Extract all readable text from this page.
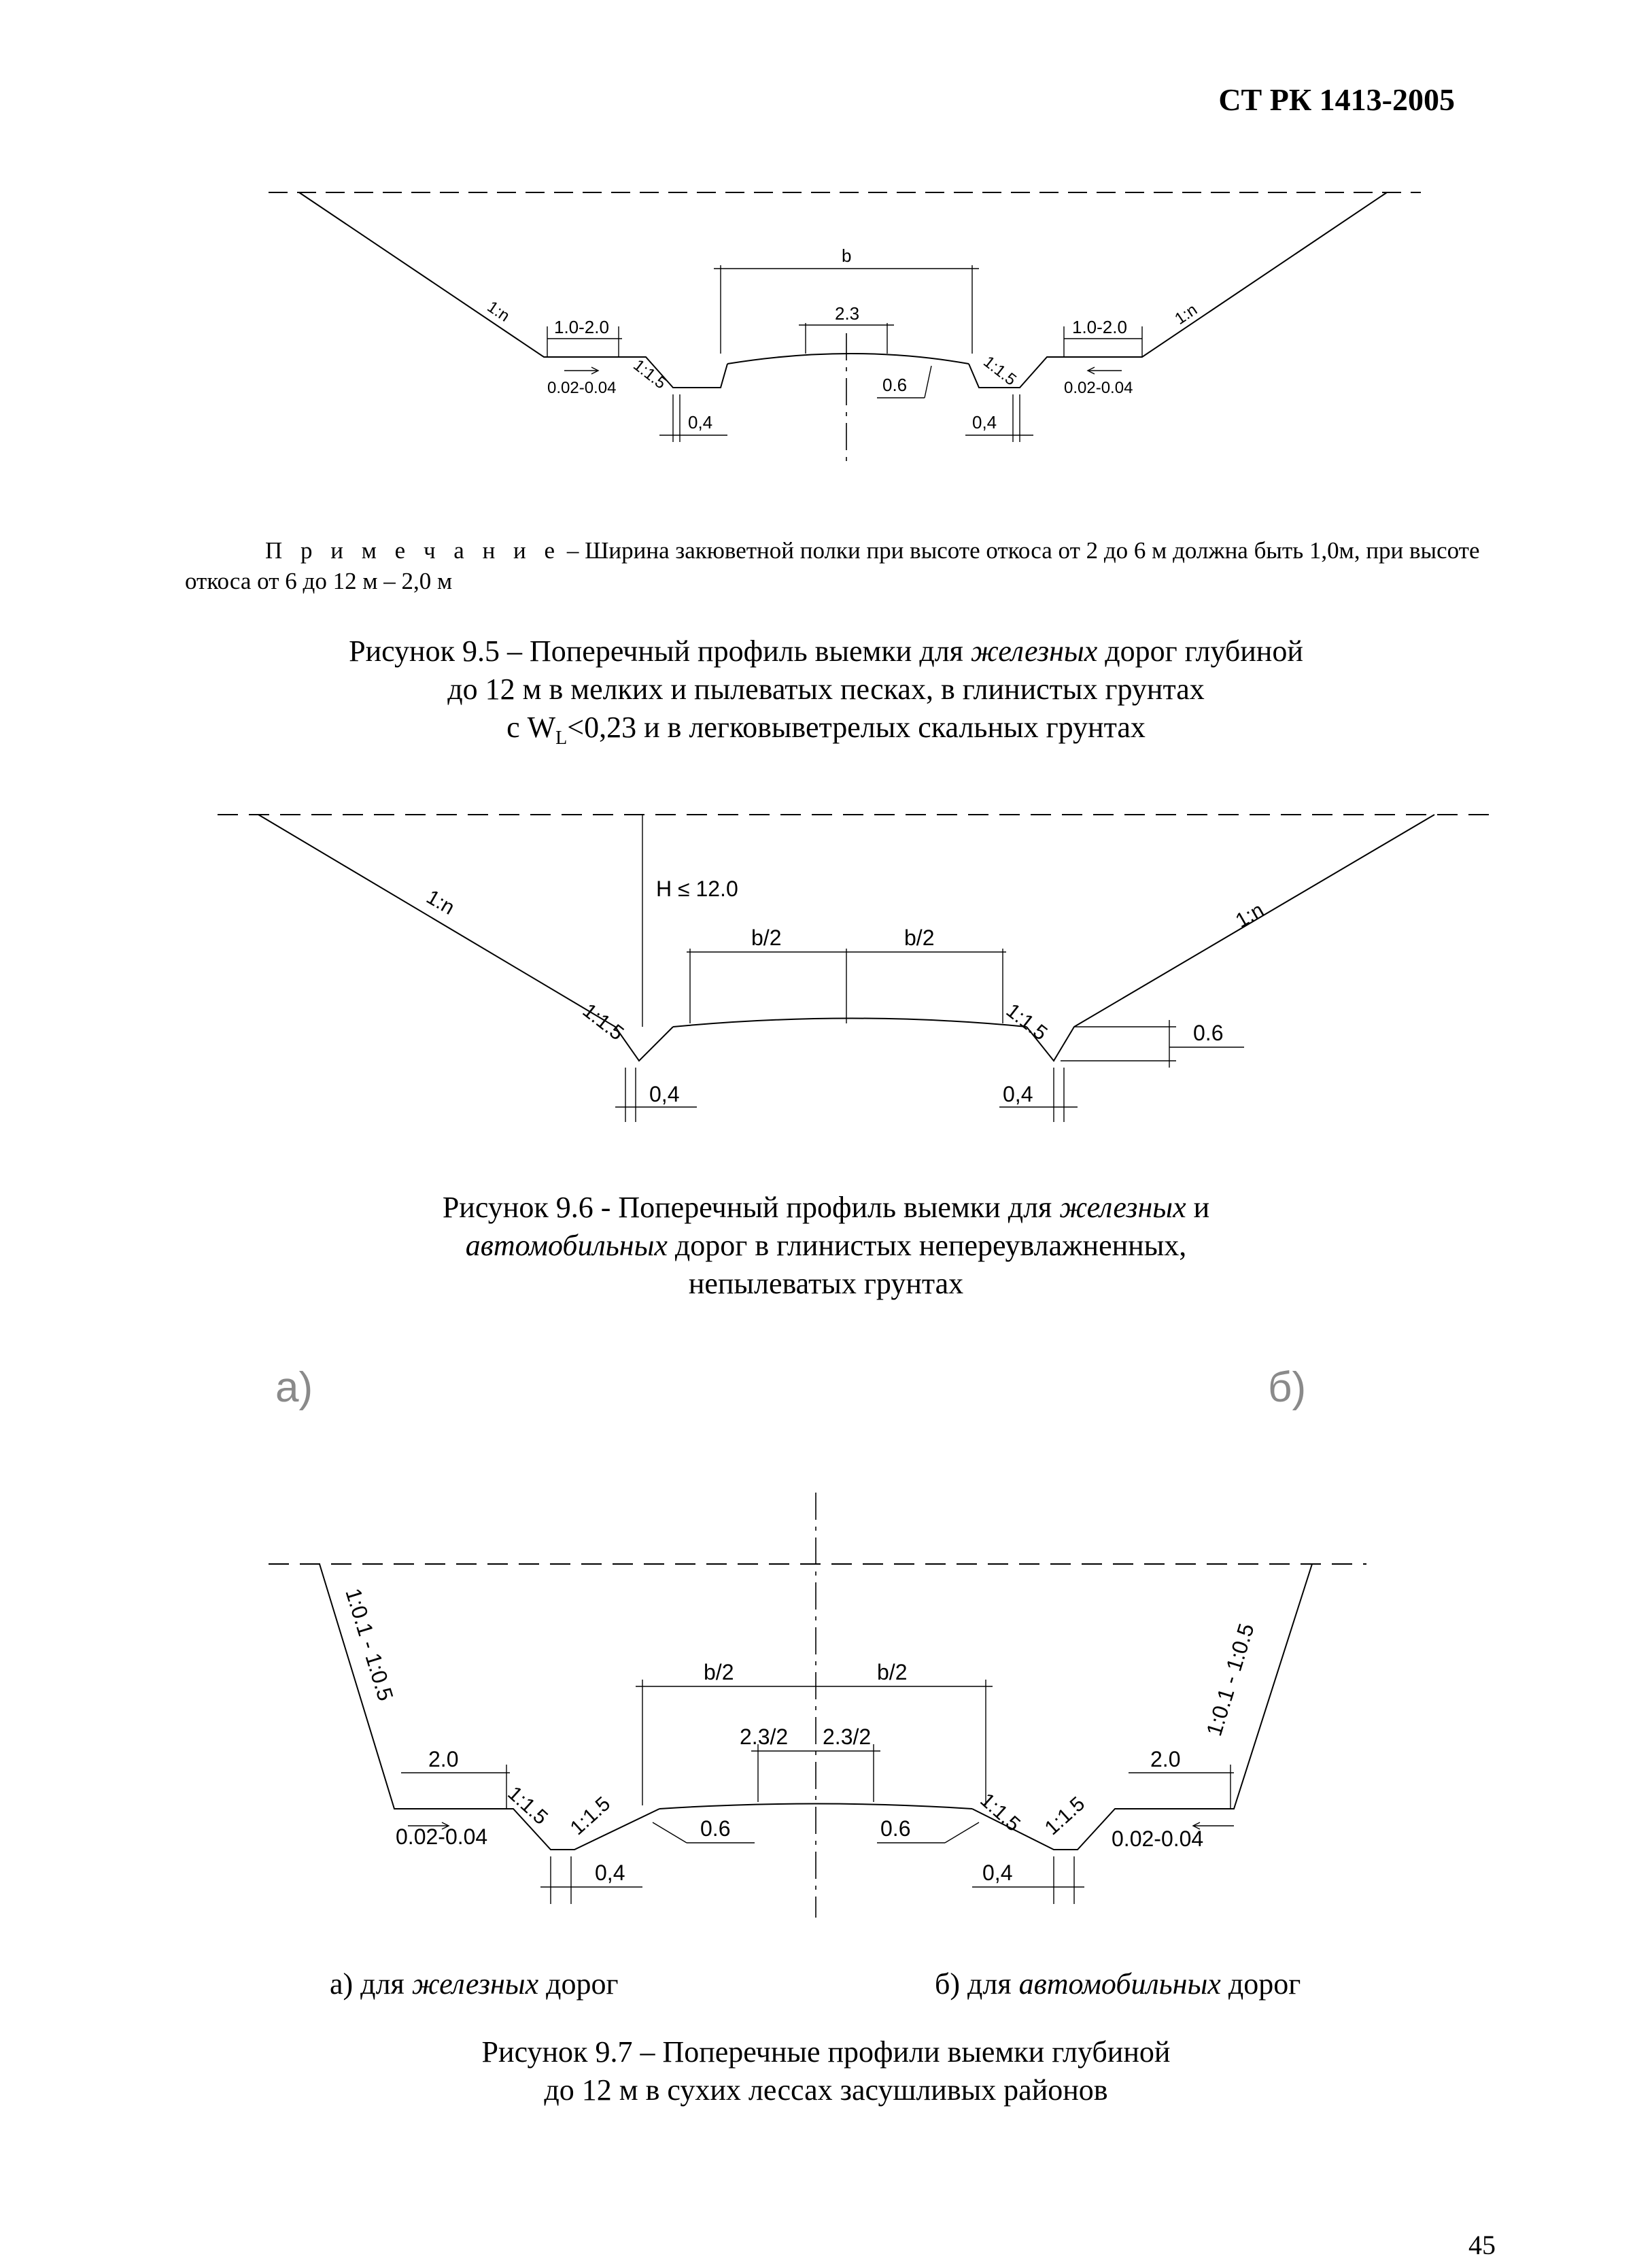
СТ РК 1413-2005
1:n	1:n
b
2.3
1.0-2.0	1.0-2.0
1:1.5	1:1.5
0.02-0.04	0.02-0.04
0.6
0,4	0,4
П р и м е ч а н и е – Ширина закюветной полки при высоте откоса от 2 до 6 м должна быть 1,0м, при высоте откоса от 6 до 12 м – 2,0 м
Рисунок 9.5 – Поперечный профиль выемки для железных дорог глубиной
до 12 м в мелких и пылеватых песках, в глинистых грунтах
с $W_L<0,23$ и в легковыветрелых скальных грунтах
1:n	1:n
H ≤ 12.0
b/2	b/2
1:1.5	1:1.5	0.6
0,4	0,4
Рисунок 9.6 - Поперечный профиль выемки для железных и
автомобильных дорог в глинистых непереувлажненных,
непылеватых грунтах
а)	б)
1:0.1 - 1:0.5	1:0.1 - 1:0.5
2.0	2.0
b/2	b/2
2.3/2 2.3/2
1:1.5 1:1.5	1:1.5 1:1.5
0.6	0.6
0.02-0.04	0.02-0.04
0,4	0,4
а) для железных дорог	б) для автомобильных дорог
Рисунок 9.7 – Поперечные профили выемки глубиной
до 12 м в сухих лессах засушливых районов
45
